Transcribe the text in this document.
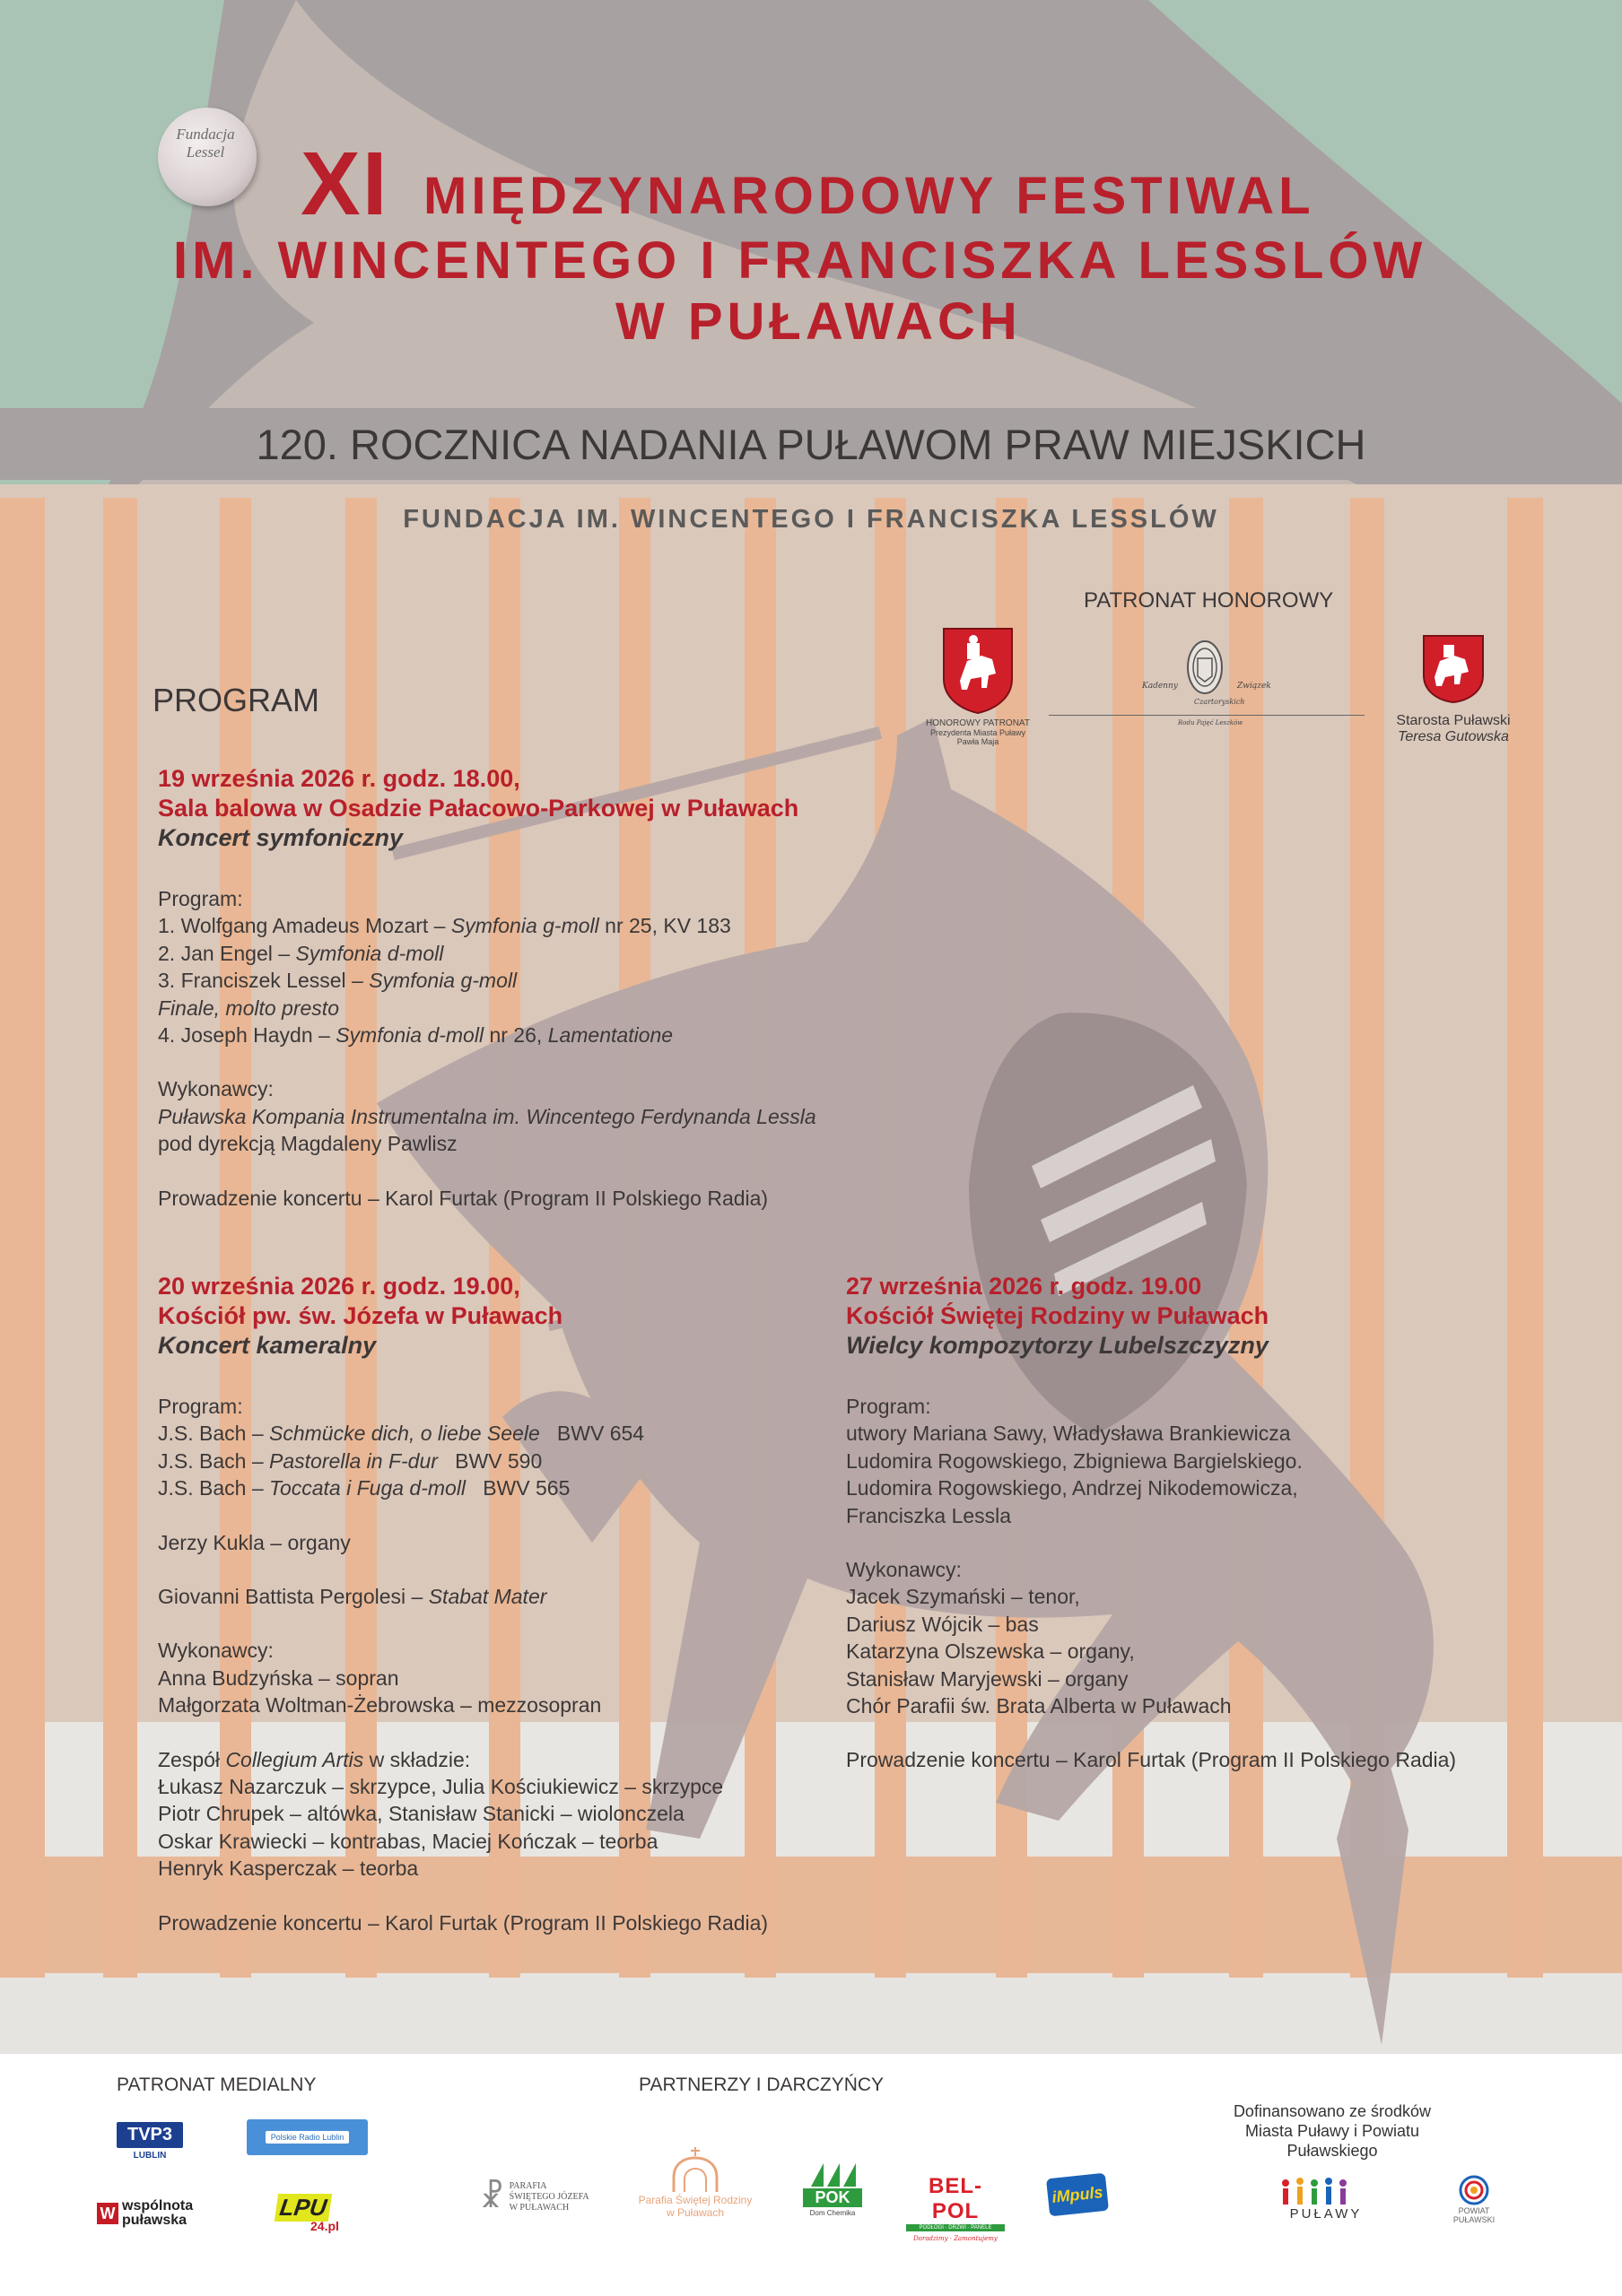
Fundacja Lessel XI MIĘDZYNARODOWY FESTIWAL
IM. WINCENTEGO I FRANCISZKA LESSLÓW
W PUŁAWACH
120. ROCZNICA NADANIA PUŁAWOM PRAW MIEJSKICH
FUNDACJA IM. WINCENTEGO I FRANCISZKA LESSLÓW
PATRONAT HONOROWY
HONOROWY PATRONAT
Prezydenta Miasta Puławy
Pawła Maja
Kadenny	Związek
Czartoryskich
Rodu Pajęć Leszków	Starosta Puławski
Teresa Gutowska
PROGRAM
19 września 2026 r. godz. 18.00,
Sala balowa w Osadzie Pałacowo-Parkowej w Puławach
Koncert symfoniczny
Program:
1. Wolfgang Amadeus Mozart – Symfonia g-moll nr 25, KV 183
2. Jan Engel – Symfonia d-moll
3. Franciszek Lessel – Symfonia g-moll
Finale, molto presto
4. Joseph Haydn – Symfonia d-moll nr 26, Lamentatione
Wykonawcy:
Puławska Kompania Instrumentalna im. Wincentego Ferdynanda Lessla
pod dyrekcją Magdaleny Pawlisz
Prowadzenie koncertu – Karol Furtak (Program II Polskiego Radia)
20 września 2026 r. godz. 19.00,
Kościół pw. św. Józefa w Puławach
Koncert kameralny
Program:
J.S. Bach – Schmücke dich, o liebe Seele   BWV 654
J.S. Bach – Pastorella in F-dur   BWV 590
J.S. Bach – Toccata i Fuga d-moll   BWV 565
Jerzy Kukla – organy
Giovanni Battista Pergolesi – Stabat Mater
Wykonawcy:
Anna Budzyńska – sopran
Małgorzata Woltman-Żebrowska – mezzosopran
Zespół Collegium Artis w składzie:
Łukasz Nazarczuk – skrzypce, Julia Kościukiewicz – skrzypce
Piotr Chrupek – altówka, Stanisław Stanicki – wiolonczela
Oskar Krawiecki – kontrabas, Maciej Kończak – teorba
Henryk Kasperczak – teorba
Prowadzenie koncertu – Karol Furtak (Program II Polskiego Radia)
27 września 2026 r. godz. 19.00
Kościół Świętej Rodziny w Puławach
Wielcy kompozytorzy Lubelszczyzny
Program:
utwory Mariana Sawy, Władysława Brankiewicza
Ludomira Rogowskiego, Zbigniewa Bargielskiego.
Ludomira Rogowskiego, Andrzej Nikodemowicza,
Franciszka Lessla
Wykonawcy:
Jacek Szymański – tenor,
Dariusz Wójcik – bas
Katarzyna Olszewska – organy,
Stanisław Maryjewski – organy
Chór Parafii św. Brata Alberta w Puławach
Prowadzenie koncertu – Karol Furtak (Program II Polskiego Radia)
PATRONAT MEDIALNY	PARTNERZY I DARCZYŃCY
Dofinansowano ze środków
Miasta Puławy i Powiatu Puławskiego
TVP3
LUBLIN
Polskie Radio Lublin
W wspólnota
puławska	LPU
24.pl
☧ PARAFIA
ŚWIĘTEGO JÓZEFA
W PUŁAWACH
Parafia Świętej Rodziny
w Puławach
POK
Dom Chemika
BEL-POL
PODŁOGI · DRZWI · PANELE
Doradzimy · Zamontujemy
iMpuls
PUŁAWY	POWIAT
PUŁAWSKI
